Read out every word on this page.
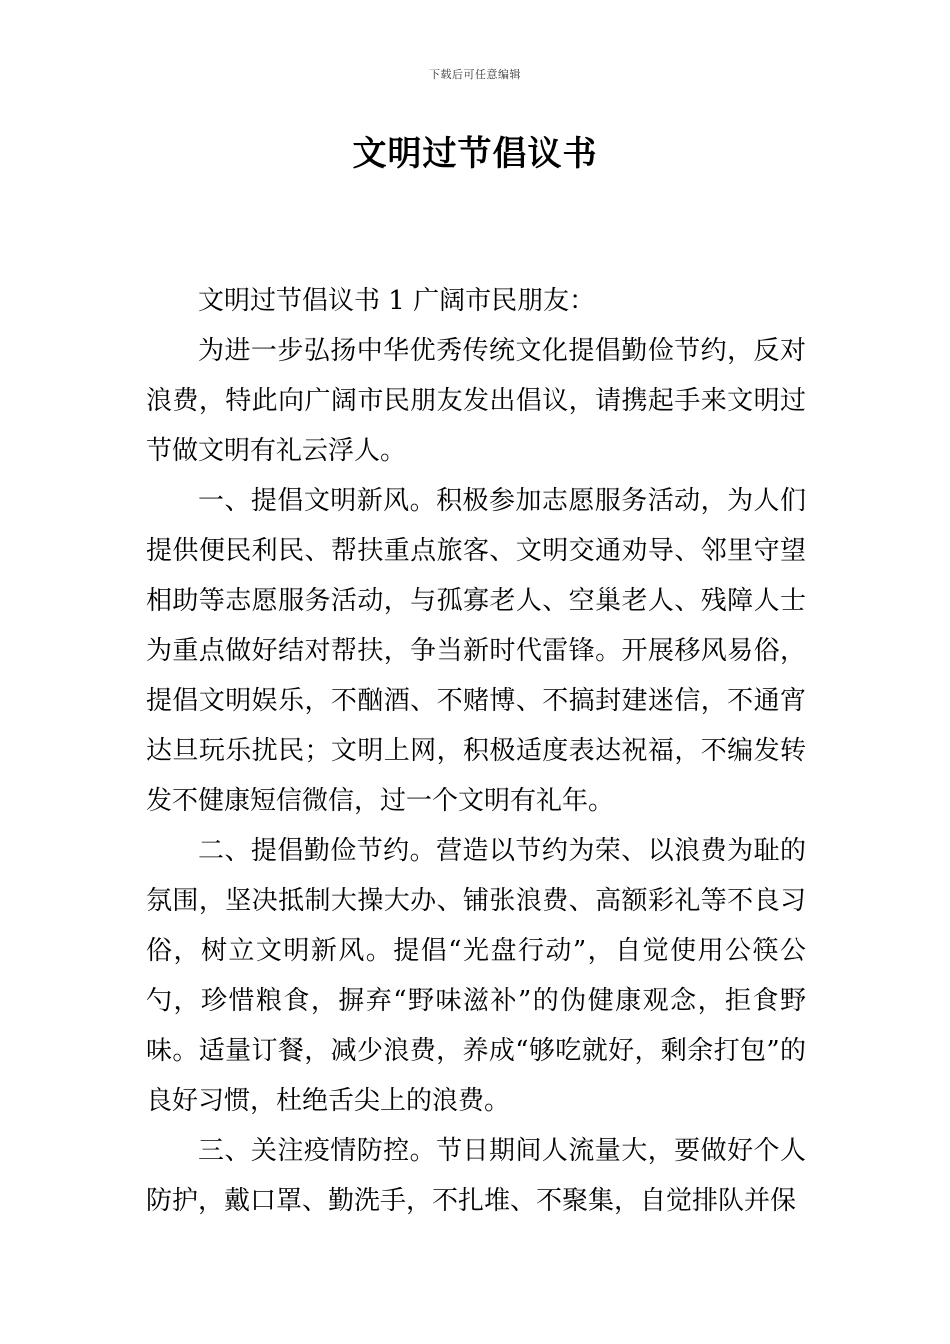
下载后可任意编辑
文明过节倡议书

文明过节倡议书 1 广阔市民朋友：

为进一步弘扬中华优秀传统文化提倡勤俭节约，反对浪费，特此向广阔市民朋友发出倡议，请携起手来文明过节做文明有礼云浮人。

一、提倡文明新风。积极参加志愿服务活动，为人们提供便民利民、帮扶重点旅客、文明交通劝导、邻里守望相助等志愿服务活动，与孤寡老人、空巢老人、残障人士为重点做好结对帮扶，争当新时代雷锋。开展移风易俗，提倡文明娱乐，不酗酒、不赌博、不搞封建迷信，不通宵达旦玩乐扰民；文明上网，积极适度表达祝福，不编发转发不健康短信微信，过一个文明有礼年。

二、提倡勤俭节约。营造以节约为荣、以浪费为耻的氛围，坚决抵制大操大办、铺张浪费、高额彩礼等不良习俗，树立文明新风。提倡“光盘行动”，自觉使用公筷公勺，珍惜粮食，摒弃“野味滋补”的伪健康观念，拒食野味。适量订餐，减少浪费，养成“够吃就好，剩余打包”的良好习惯，杜绝舌尖上的浪费。

三、关注疫情防控。节日期间人流量大，要做好个人防护，戴口罩、勤洗手，不扎堆、不聚集，自觉排队并保
